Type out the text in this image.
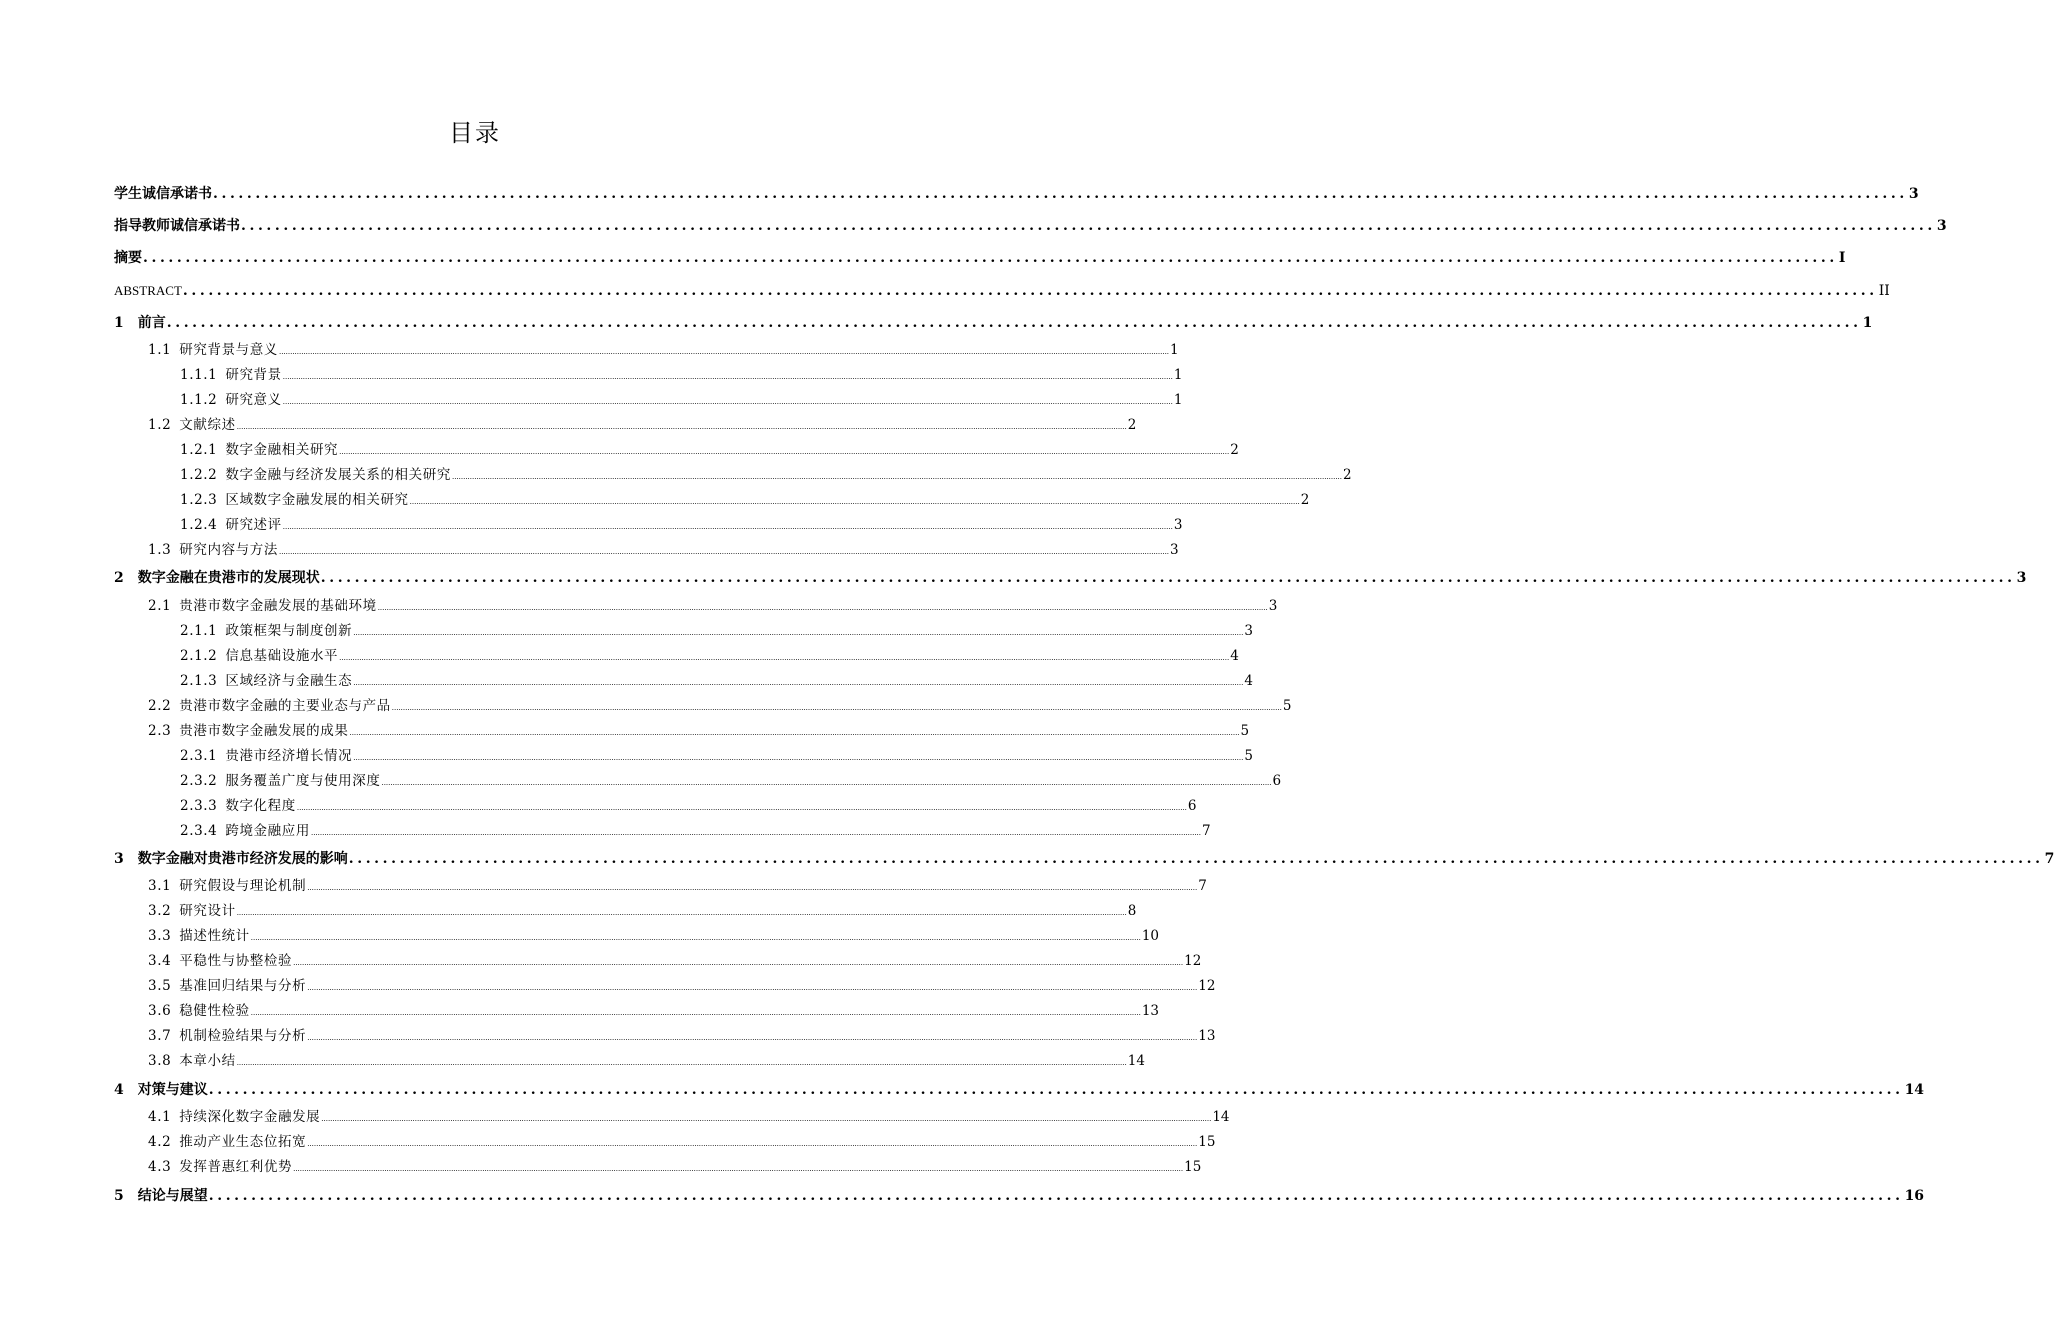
目录
学生诚信承诺书 ........................................................................................................................................................................................................ 3
指导教师诚信承诺书 ........................................................................................................................................................................................................ 3
摘要 ........................................................................................................................................................................................................ I
ABSTRACT ........................................................................................................................................................................................................ II
1 前言 ........................................................................................................................................................................................................ 1
1.1 研究背景与意义 ................................................................................................................................................................................................................................................................................................................................................................................................................ 1
1.1.1 研究背景 ................................................................................................................................................................................................................................................................................................................................................................................................................ 1
1.1.2 研究意义 ................................................................................................................................................................................................................................................................................................................................................................................................................ 1
1.2 文献综述 ................................................................................................................................................................................................................................................................................................................................................................................................................ 2
1.2.1 数字金融相关研究 ................................................................................................................................................................................................................................................................................................................................................................................................................ 2
1.2.2 数字金融与经济发展关系的相关研究 ................................................................................................................................................................................................................................................................................................................................................................................................................ 2
1.2.3 区域数字金融发展的相关研究 ................................................................................................................................................................................................................................................................................................................................................................................................................ 2
1.2.4 研究述评 ................................................................................................................................................................................................................................................................................................................................................................................................................ 3
1.3 研究内容与方法 ................................................................................................................................................................................................................................................................................................................................................................................................................ 3
2 数字金融在贵港市的发展现状 ........................................................................................................................................................................................................ 3
2.1 贵港市数字金融发展的基础环境 ................................................................................................................................................................................................................................................................................................................................................................................................................ 3
2.1.1 政策框架与制度创新 ................................................................................................................................................................................................................................................................................................................................................................................................................ 3
2.1.2 信息基础设施水平 ................................................................................................................................................................................................................................................................................................................................................................................................................ 4
2.1.3 区域经济与金融生态 ................................................................................................................................................................................................................................................................................................................................................................................................................ 4
2.2 贵港市数字金融的主要业态与产品 ................................................................................................................................................................................................................................................................................................................................................................................................................ 5
2.3 贵港市数字金融发展的成果 ................................................................................................................................................................................................................................................................................................................................................................................................................ 5
2.3.1 贵港市经济增长情况 ................................................................................................................................................................................................................................................................................................................................................................................................................ 5
2.3.2 服务覆盖广度与使用深度 ................................................................................................................................................................................................................................................................................................................................................................................................................ 6
2.3.3 数字化程度 ................................................................................................................................................................................................................................................................................................................................................................................................................ 6
2.3.4 跨境金融应用 ................................................................................................................................................................................................................................................................................................................................................................................................................ 7
3 数字金融对贵港市经济发展的影响 ........................................................................................................................................................................................................ 7
3.1 研究假设与理论机制 ................................................................................................................................................................................................................................................................................................................................................................................................................ 7
3.2 研究设计 ................................................................................................................................................................................................................................................................................................................................................................................................................ 8
3.3 描述性统计 ................................................................................................................................................................................................................................................................................................................................................................................................................ 10
3.4 平稳性与协整检验 ................................................................................................................................................................................................................................................................................................................................................................................................................ 12
3.5 基准回归结果与分析 ................................................................................................................................................................................................................................................................................................................................................................................................................ 12
3.6 稳健性检验 ................................................................................................................................................................................................................................................................................................................................................................................................................ 13
3.7 机制检验结果与分析 ................................................................................................................................................................................................................................................................................................................................................................................................................ 13
3.8 本章小结 ................................................................................................................................................................................................................................................................................................................................................................................................................ 14
4 对策与建议 ........................................................................................................................................................................................................ 14
4.1 持续深化数字金融发展 ................................................................................................................................................................................................................................................................................................................................................................................................................ 14
4.2 推动产业生态位拓宽 ................................................................................................................................................................................................................................................................................................................................................................................................................ 15
4.3 发挥普惠红利优势 ................................................................................................................................................................................................................................................................................................................................................................................................................ 15
5 结论与展望 ........................................................................................................................................................................................................ 16
